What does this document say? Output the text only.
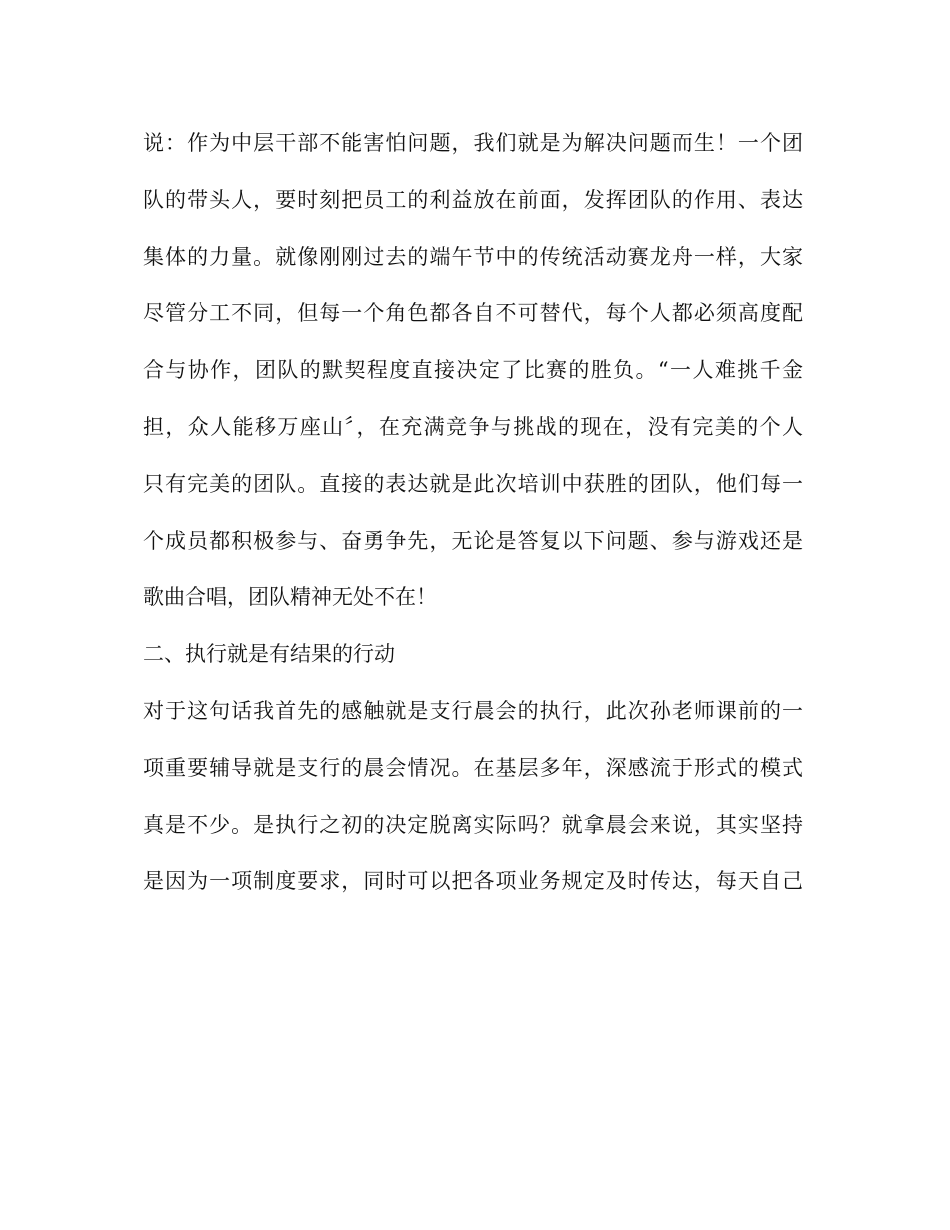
说：作为中层干部不能害怕问题，我们就是为解决问题而生！一个团
队的带头人，要时刻把员工的利益放在前面，发挥团队的作用、表达
集体的力量。就像刚刚过去的端午节中的传统活动赛龙舟一样，大家
尽管分工不同，但每一个角色都各自不可替代，每个人都必须高度配
合与协作，团队的默契程度直接决定了比赛的胜负。“一人难挑千金
担，众人能移万座山〞，在充满竞争与挑战的现在，没有完美的个人
只有完美的团队。直接的表达就是此次培训中获胜的团队，他们每一
个成员都积极参与、奋勇争先，无论是答复以下问题、参与游戏还是
歌曲合唱，团队精神无处不在！
二、执行就是有结果的行动
对于这句话我首先的感触就是支行晨会的执行，此次孙老师课前的一
项重要辅导就是支行的晨会情况。在基层多年，深感流于形式的模式
真是不少。是执行之初的决定脱离实际吗？就拿晨会来说，其实坚持
是因为一项制度要求，同时可以把各项业务规定及时传达，每天自己
